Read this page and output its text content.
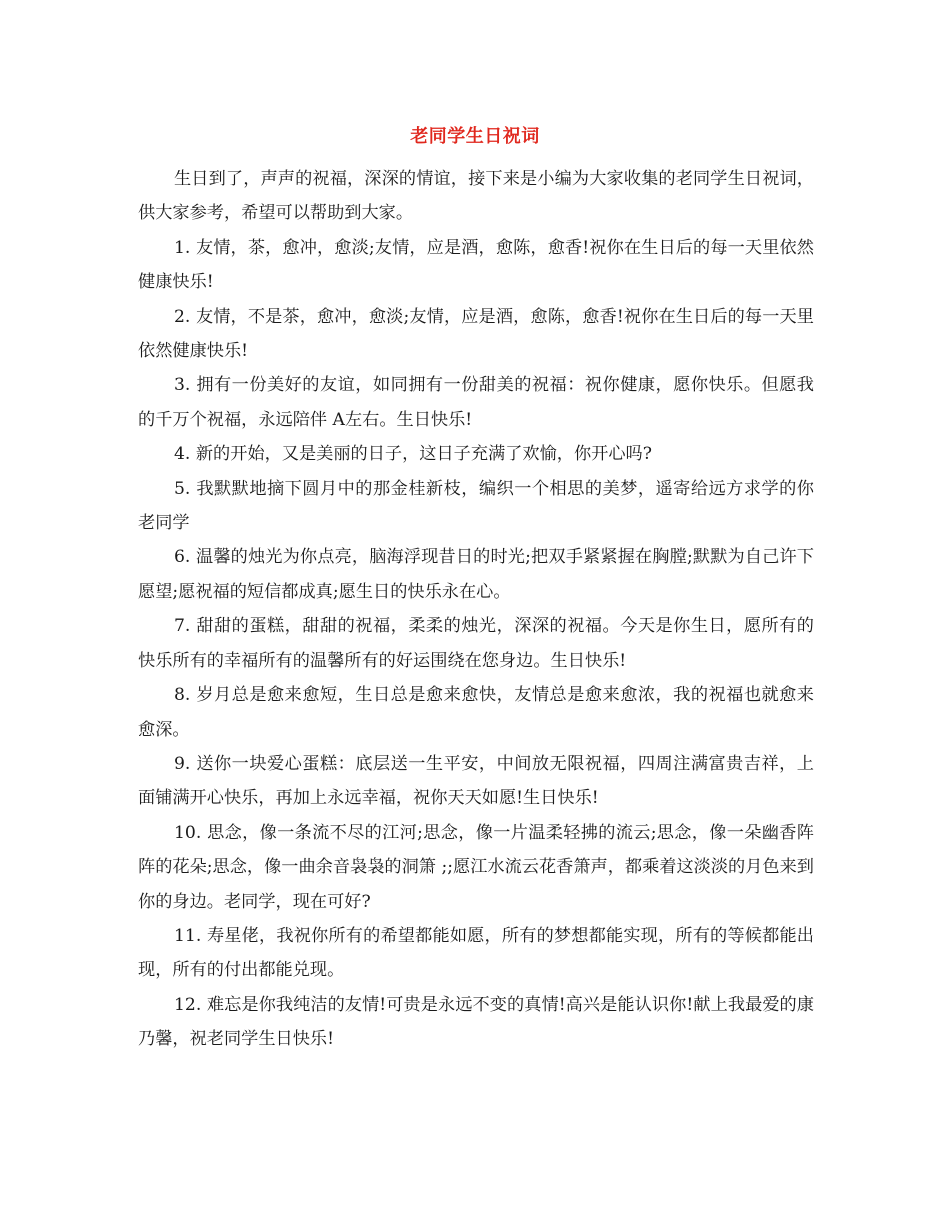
老同学生日祝词

生日到了，声声的祝福，深深的情谊，接下来是小编为大家收集的老同学生日祝词，供大家参考，希望可以帮助到大家。

1. 友情，茶，愈冲，愈淡;友情，应是酒，愈陈，愈香!祝你在生日后的每一天里依然健康快乐!

2. 友情，不是茶，愈冲，愈淡;友情，应是酒，愈陈，愈香!祝你在生日后的每一天里依然健康快乐!

3. 拥有一份美好的友谊，如同拥有一份甜美的祝福：祝你健康，愿你快乐。但愿我的千万个祝福，永远陪伴 A左右。生日快乐!

4. 新的开始，又是美丽的日子，这日子充满了欢愉，你开心吗?

5. 我默默地摘下圆月中的那金桂新枝，编织一个相思的美梦，遥寄给远方求学的你老同学

6. 温馨的烛光为你点亮，脑海浮现昔日的时光;把双手紧紧握在胸膛;默默为自己许下愿望;愿祝福的短信都成真;愿生日的快乐永在心。

7. 甜甜的蛋糕，甜甜的祝福，柔柔的烛光，深深的祝福。今天是你生日，愿所有的快乐所有的幸福所有的温馨所有的好运围绕在您身边。生日快乐!

8. 岁月总是愈来愈短，生日总是愈来愈快，友情总是愈来愈浓，我的祝福也就愈来愈深。

9. 送你一块爱心蛋糕：底层送一生平安，中间放无限祝福，四周注满富贵吉祥，上面铺满开心快乐，再加上永远幸福，祝你天天如愿!生日快乐!

10. 思念，像一条流不尽的江河;思念，像一片温柔轻拂的流云;思念，像一朵幽香阵阵的花朵;思念，像一曲余音袅袅的洞箫 ;;愿江水流云花香箫声，都乘着这淡淡的月色来到你的身边。老同学，现在可好?

11. 寿星佬，我祝你所有的希望都能如愿，所有的梦想都能实现，所有的等候都能出现，所有的付出都能兑现。

12. 难忘是你我纯洁的友情!可贵是永远不变的真情!高兴是能认识你!献上我最爱的康乃馨，祝老同学生日快乐!
